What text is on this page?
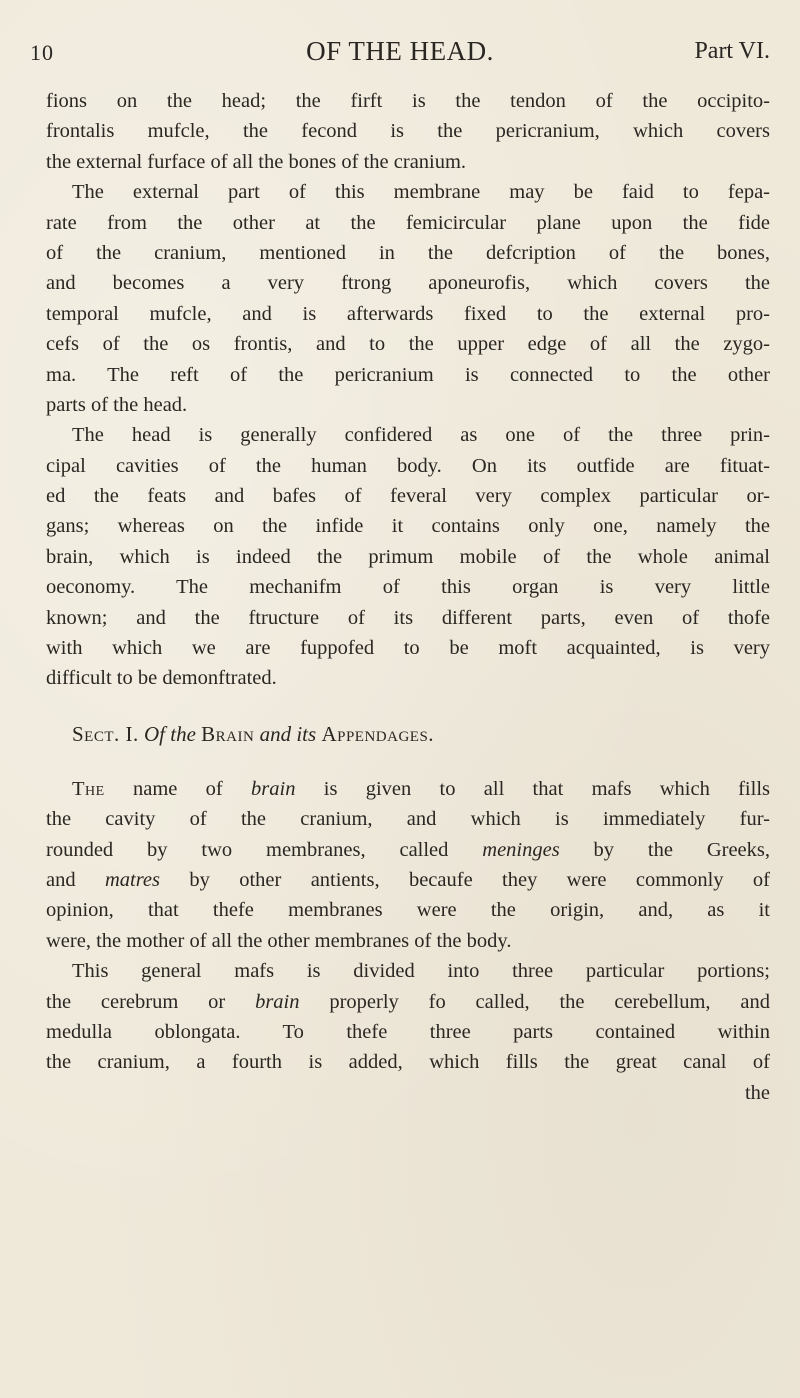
10	OF THE HEAD.	Part VI.
fions on the head; the firft is the tendon of the occipito-
frontalis mufcle, the fecond is the pericranium, which covers
the external furface of all the bones of the cranium.
The external part of this membrane may be faid to fepa-
rate from the other at the femicircular plane upon the fide
of the cranium, mentioned in the defcription of the bones,
and becomes a very ftrong aponeurofis, which covers the
temporal mufcle, and is afterwards fixed to the external pro-
cefs of the os frontis, and to the upper edge of all the zygo-
ma. The reft of the pericranium is connected to the other
parts of the head.
The head is generally confidered as one of the three prin-
cipal cavities of the human body. On its outfide are fituat-
ed the feats and bafes of feveral very complex particular or-
gans; whereas on the infide it contains only one, namely the
brain, which is indeed the primum mobile of the whole animal
oeconomy. The mechanifm of this organ is very little
known; and the ftructure of its different parts, even of thofe
with which we are fuppofed to be moft acquainted, is very
difficult to be demonftrated.
Sect. I. Of the Brain and its Appendages.
The name of brain is given to all that mafs which fills
the cavity of the cranium, and which is immediately fur-
rounded by two membranes, called meninges by the Greeks,
and matres by other antients, becaufe they were commonly of
opinion, that thefe membranes were the origin, and, as it
were, the mother of all the other membranes of the body.
This general mafs is divided into three particular portions;
the cerebrum or brain properly fo called, the cerebellum, and
medulla oblongata. To thefe three parts contained within
the cranium, a fourth is added, which fills the great canal of
the
